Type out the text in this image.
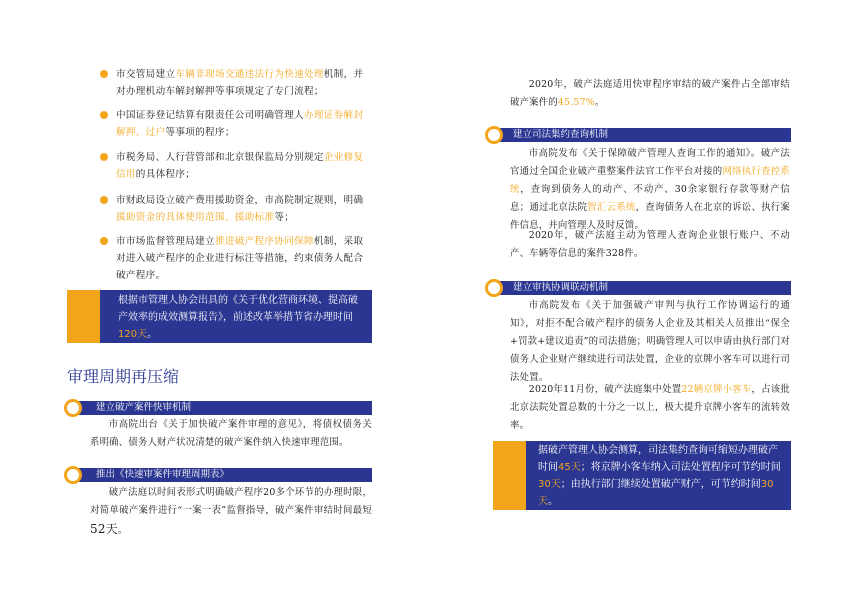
市交管局建立车辆非现场交通违法行为快速处理机制，并对办理机动车解封解押等事项规定了专门流程；
中国证券登记结算有限责任公司明确管理人办理证券解封解押、过户等事项的程序；
市税务局、人行营管部和北京银保监局分别规定企业修复信用的具体程序；
市财政局设立破产费用援助资金，市高院制定规则，明确援助资金的具体使用范围、援助标准等；
市市场监督管理局建立推进破产程序协同保障机制，采取对进入破产程序的企业进行标注等措施，约束债务人配合破产程序。
根据市管理人协会出具的《关于优化营商环境、提高破产效率的成效测算报告》，前述改革举措节省办理时间120天。
审理周期再压缩
建立破产案件快审机制
市高院出台《关于加快破产案件审理的意见》，将债权债务关系明确、债务人财产状况清楚的破产案件纳入快速审理范围。
推出《快速审案件审理周期表》
破产法庭以时间表形式明确破产程序20多个环节的办理时限，对简单破产案件进行“一案一表”监督指导，破产案件审结时间最短52天。
2020年，破产法庭适用快审程序审结的破产案件占全部审结破产案件的45.57%。
建立司法集约查询机制
市高院发布《关于保障破产管理人查询工作的通知》。破产法官通过全国企业破产重整案件法官工作平台对接的网络执行查控系统，查询到债务人的动产、不动产、30余家银行存款等财产信息；通过北京法院智汇云系统，查询债务人在北京的诉讼、执行案件信息，并向管理人及时反馈。
2020年，破产法庭主动为管理人查询企业银行账户、不动产、车辆等信息的案件328件。
建立审执协调联动机制
市高院发布《关于加强破产审判与执行工作协调运行的通知》，对拒不配合破产程序的债务人企业及其相关人员推出“保全+罚款+建议追责”的司法措施；明确管理人可以申请由执行部门对债务人企业财产继续进行司法处置，企业的京牌小客车可以进行司法处置。
2020年11月份，破产法庭集中处置22辆京牌小客车，占该批北京法院处置总数的十分之一以上，极大提升京牌小客车的流转效率。
据破产管理人协会测算，司法集约查询可缩短办理破产时间45天；将京牌小客车纳入司法处置程序可节约时间30天；由执行部门继续处置破产财产，可节约时间30天。
